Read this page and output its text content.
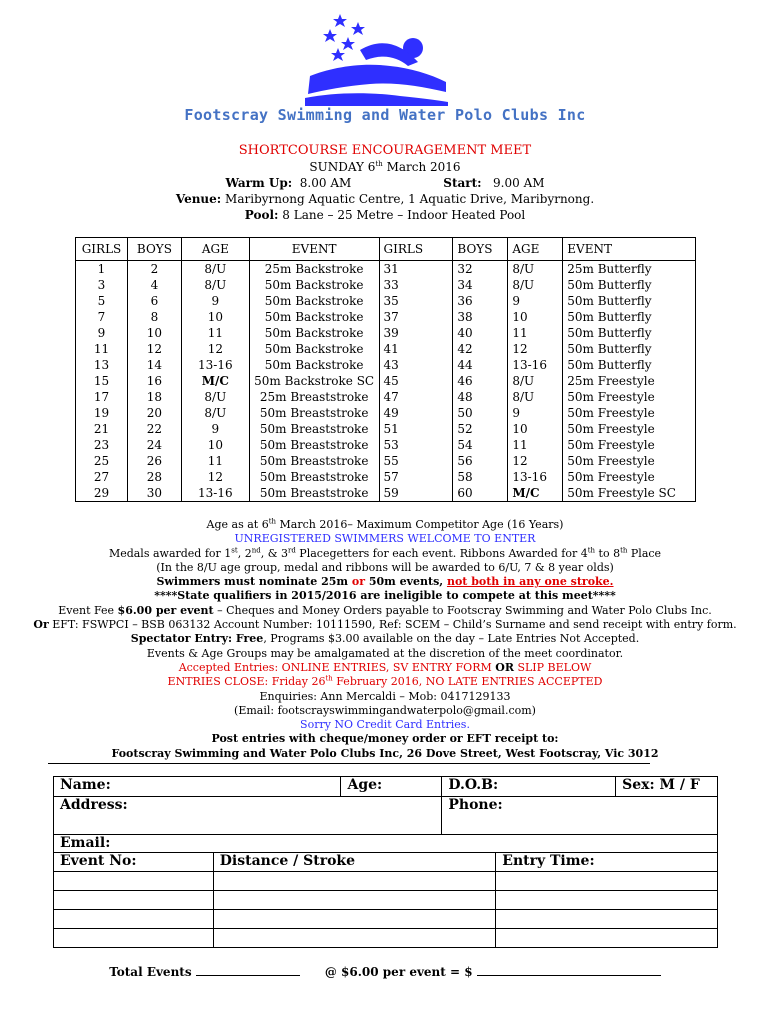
Footscray Swimming and Water Polo Clubs Inc
SHORTCOURSE ENCOURAGEMENT MEET
SUNDAY 6th March 2016
Warm Up: 8.00 AM	Start: 9.00 AM
Venue: Maribyrnong Aquatic Centre, 1 Aquatic Drive, Maribyrnong.
Pool: 8 Lane – 25 Metre – Indoor Heated Pool
GIRLS	BOYS	AGE	EVENT	GIRLS	BOYS	AGE	EVENT
1	2	8/U	25m Backstroke	31	32	8/U	25m Butterfly
3	4	8/U	50m Backstroke	33	34	8/U	50m Butterfly
5	6	9	50m Backstroke	35	36	9	50m Butterfly
7	8	10	50m Backstroke	37	38	10	50m Butterfly
9	10	11	50m Backstroke	39	40	11	50m Butterfly
11	12	12	50m Backstroke	41	42	12	50m Butterfly
13	14	13-16	50m Backstroke	43	44	13-16	50m Butterfly
15	16	M/C	50m Backstroke SC	45	46	8/U	25m Freestyle
17	18	8/U	25m Breaststroke	47	48	8/U	50m Freestyle
19	20	8/U	50m Breaststroke	49	50	9	50m Freestyle
21	22	9	50m Breaststroke	51	52	10	50m Freestyle
23	24	10	50m Breaststroke	53	54	11	50m Freestyle
25	26	11	50m Breaststroke	55	56	12	50m Freestyle
27	28	12	50m Breaststroke	57	58	13-16	50m Freestyle
29	30	13-16	50m Breaststroke	59	60	M/C	50m Freestyle SC
Age as at 6th March 2016– Maximum Competitor Age (16 Years)
UNREGISTERED SWIMMERS WELCOME TO ENTER
Medals awarded for 1st, 2nd, & 3rd Placegetters for each event. Ribbons Awarded for 4th to 8th Place
(In the 8/U age group, medal and ribbons will be awarded to 6/U, 7 & 8 year olds)
Swimmers must nominate 25m or 50m events, not both in any one stroke.
****State qualifiers in 2015/2016 are ineligible to compete at this meet****
Event Fee $6.00 per event – Cheques and Money Orders payable to Footscray Swimming and Water Polo Clubs Inc.
Or EFT: FSWPCI – BSB 063132 Account Number: 10111590, Ref: SCEM – Child’s Surname and send receipt with entry form.
Spectator Entry: Free, Programs $3.00 available on the day – Late Entries Not Accepted.
Events & Age Groups may be amalgamated at the discretion of the meet coordinator.
Accepted Entries: ONLINE ENTRIES, SV ENTRY FORM OR SLIP BELOW
ENTRIES CLOSE: Friday 26th February 2016, NO LATE ENTRIES ACCEPTED
Enquiries: Ann Mercaldi – Mob: 0417129133
(Email: footscrayswimmingandwaterpolo@gmail.com)
Sorry NO Credit Card Entries.
Post entries with cheque/money order or EFT receipt to:
Footscray Swimming and Water Polo Clubs Inc, 26 Dove Street, West Footscray, Vic 3012
Name:		Age:	D.O.B:		Sex: M / F
Address:			Phone:		
Email:					
Event No:	Distance / Stroke			Entry Time:	

Total Events	@ $6.00 per event = $
